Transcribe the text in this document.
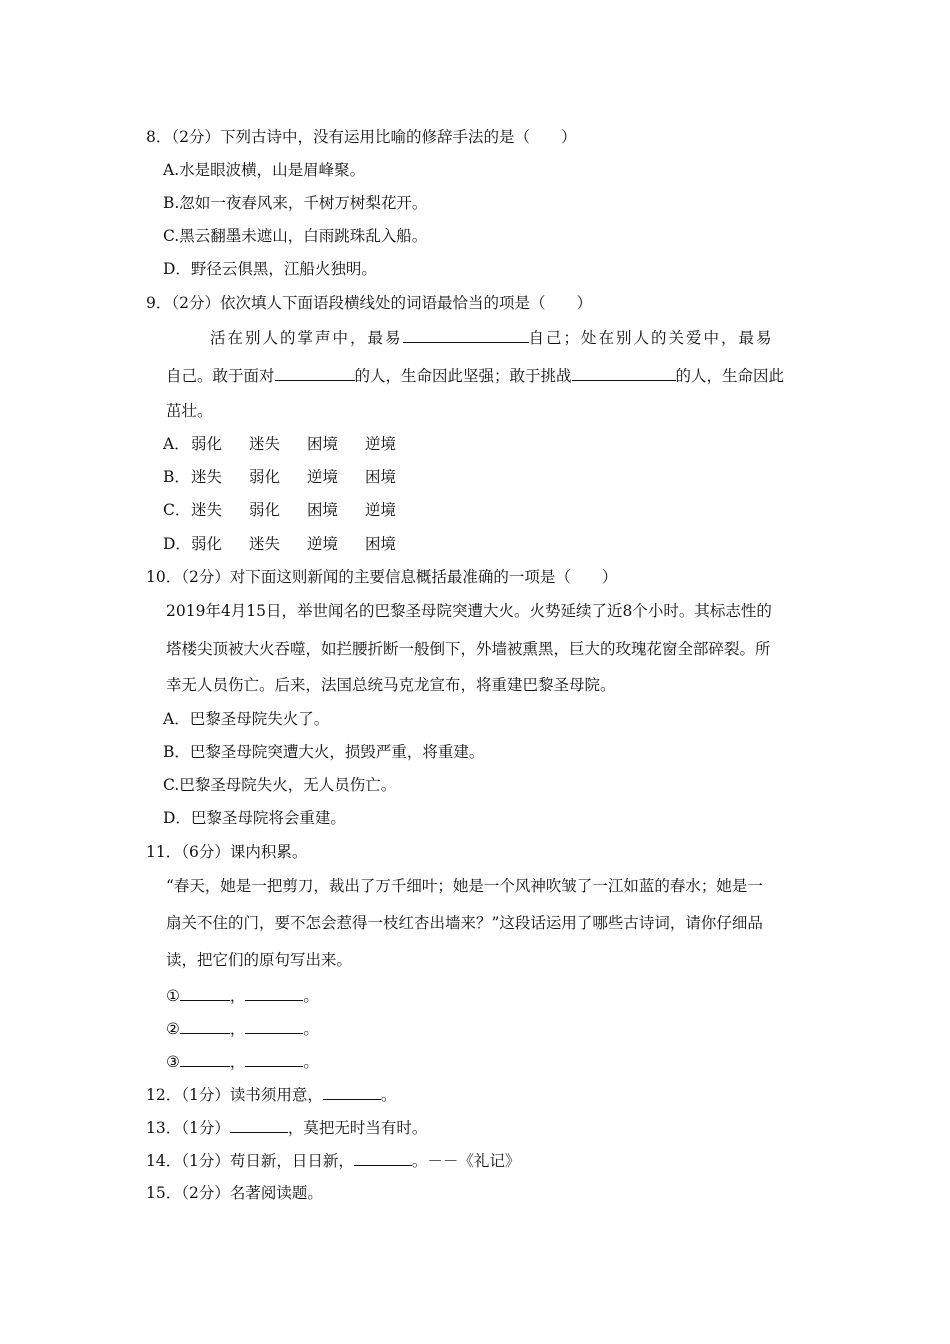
8．（2分）下列古诗中，没有运用比喻的修辞手法的是（　　）
A.水是眼波横，山是眉峰聚。
B.忽如一夜春风来，千树万树梨花开。
C.黑云翻墨未遮山，白雨跳珠乱入船。
D．野径云俱黑，江船火独明。
9．（2分）依次填人下面语段横线处的词语最恰当的项是（　　）
活在别人的掌声中，最易	自己；处在别人的关爱中，最易
自己。敢于面对	的人，生命因此坚强；敢于挑战	的人，生命因此
茁壮。
A．弱化 迷失 困境 逆境
B．迷失 弱化 逆境 困境
C．迷失 弱化 困境 逆境
D．弱化 迷失 逆境 困境
10．（2分）对下面这则新闻的主要信息概括最准确的一项是（　　）
2019年4月15日，举世闻名的巴黎圣母院突遭大火。火势延续了近8个小时。其标志性的
塔楼尖顶被大火吞噬，如拦腰折断一般倒下，外墙被熏黑，巨大的玫瑰花窗全部碎裂。所
幸无人员伤亡。后来，法国总统马克龙宣布，将重建巴黎圣母院。
A．巴黎圣母院失火了。
B．巴黎圣母院突遭大火，损毁严重，将重建。
C.巴黎圣母院失火，无人员伤亡。
D．巴黎圣母院将会重建。
11．（6分）课内积累。
“春天，她是一把剪刀，裁出了万千细叶；她是一个风神吹皱了一江如蓝的春水；她是一
扇关不住的门，要不怎会惹得一枝红杏出墙来？”这段话运用了哪些古诗词，请你仔细品
读，把它们的原句写出来。
①	，	。
②	，	。
③	，	。
12．（1分）读书须用意，	。
13．（1分）	，莫把无时当有时。
14．（1分）苟日新，日日新，	。－－《礼记》
15．（2分）名著阅读题。
